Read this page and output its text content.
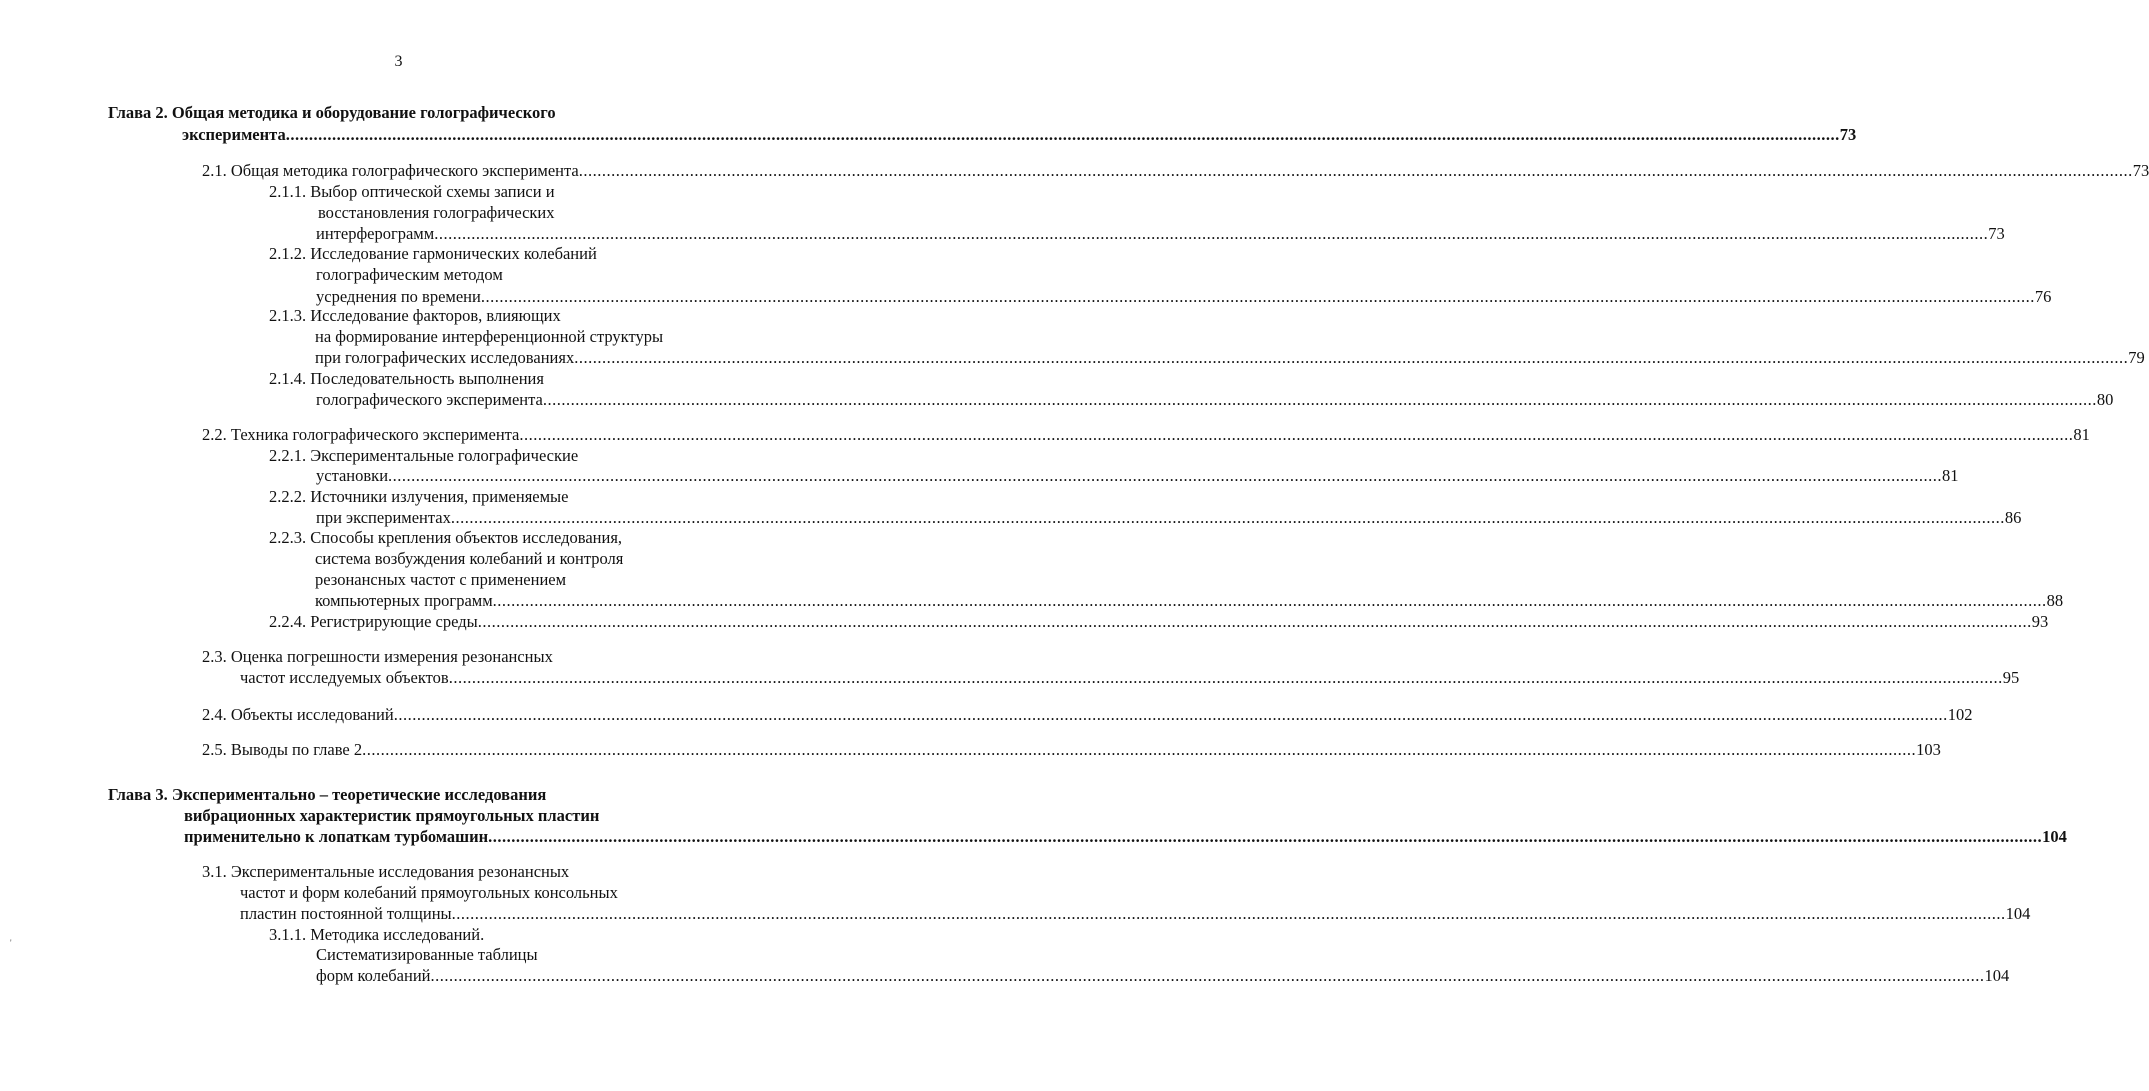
3
Глава 2. Общая методика и оборудование голографического
эксперимента ................................................................................................................................................................................................................................................................................................................................................ 73
2.1. Общая методика голографического эксперимента ................................................................................................................................................................................................................................................................................................................................................ 73
2.1.1. Выбор оптической схемы записи и
восстановления голографических
интерферограмм ................................................................................................................................................................................................................................................................................................................................................ 73
2.1.2. Исследование гармонических колебаний
голографическим методом
усреднения по времени ................................................................................................................................................................................................................................................................................................................................................ 76
2.1.3. Исследование факторов, влияющих
на формирование интерференционной структуры
при голографических исследованиях ................................................................................................................................................................................................................................................................................................................................................ 79
2.1.4. Последовательность выполнения
голографического эксперимента ................................................................................................................................................................................................................................................................................................................................................ 80
2.2. Техника голографического эксперимента ................................................................................................................................................................................................................................................................................................................................................ 81
2.2.1. Экспериментальные голографические
установки ................................................................................................................................................................................................................................................................................................................................................ 81
2.2.2. Источники излучения, применяемые
при экспериментах ................................................................................................................................................................................................................................................................................................................................................ 86
2.2.3. Способы крепления объектов исследования,
система возбуждения колебаний и контроля
резонансных частот с применением
компьютерных программ ................................................................................................................................................................................................................................................................................................................................................ 88
2.2.4. Регистрирующие среды ................................................................................................................................................................................................................................................................................................................................................ 93
2.3. Оценка погрешности измерения резонансных
частот исследуемых объектов ................................................................................................................................................................................................................................................................................................................................................ 95
2.4. Объекты исследований ................................................................................................................................................................................................................................................................................................................................................ 102
2.5. Выводы по главе 2 ................................................................................................................................................................................................................................................................................................................................................ 103
Глава 3. Экспериментально – теоретические исследования
вибрационных характеристик прямоугольных пластин
применительно к лопаткам турбомашин ................................................................................................................................................................................................................................................................................................................................................ 104
3.1. Экспериментальные исследования резонансных
частот и форм колебаний прямоугольных консольных
пластин постоянной толщины ................................................................................................................................................................................................................................................................................................................................................ 104
3.1.1. Методика исследований.
Систематизированные таблицы
форм колебаний ................................................................................................................................................................................................................................................................................................................................................ 104
'
